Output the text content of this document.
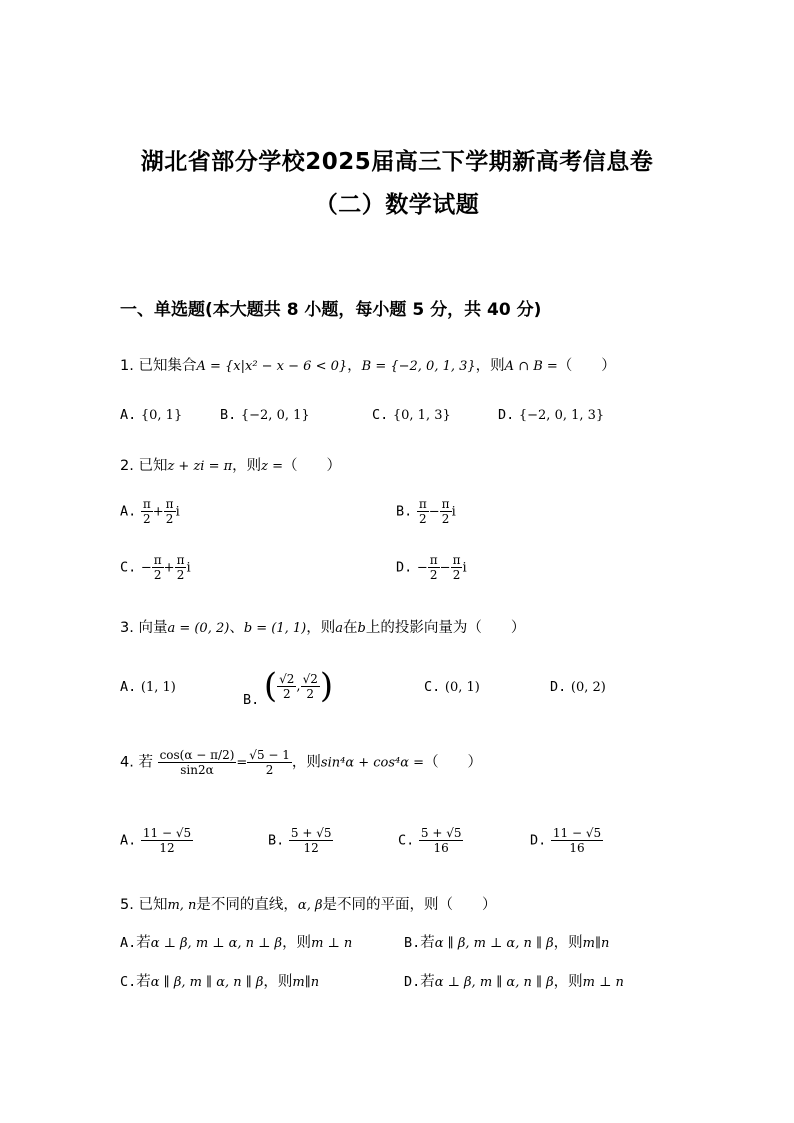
湖北省部分学校2025届高三下学期新高考信息卷
（二）数学试题
一、单选题(本大题共 8 小题，每小题 5 分，共 40 分)
1. 已知集合A = {x|x² − x − 6 < 0}，B = {−2, 0, 1, 3}，则A ∩ B =（　　）
A. {0, 1}	B. {−2, 0, 1}	C. {0, 1, 3}	D. {−2, 0, 1, 3}
2. 已知z + zi = π，则z =（　　）
A. $\frac{\pi}{2} + \frac{\pi}{2}$ i	B. $\frac{\pi}{2} - \frac{\pi}{2}$ i
C. − $\frac{\pi}{2} + \frac{\pi}{2}$ i	D. − $\frac{\pi}{2} - \frac{\pi}{2}$ i
3. 向量a = (0, 2)、b = (1, 1)，则a在b上的投影向量为（　　）
A. (1, 1)
B. ( $\frac{√2}{2}$ , $\frac{√2}{2}$ )	C. (0, 1)	D. (0, 2)
4. 若 $\frac{\cos(\alpha - \pi/2)}{\sin 2\alpha} = \frac{√5 - 1}{2}$ ，则sin⁴α + cos⁴α =（　　）
A. $\frac{11 - √5}{12}$	B. $\frac{5 + √5}{12}$	C. $\frac{5 + √5}{16}$	D. $\frac{11 - √5}{16}$
5. 已知m, n是不同的直线，α, β是不同的平面，则（　　）
A.若α ⊥ β, m ⊥ α, n ⊥ β，则m ⊥ n	B.若α ∥ β, m ⊥ α, n ∥ β，则m∥n
C.若α ∥ β, m ∥ α, n ∥ β，则m∥n	D.若α ⊥ β, m ∥ α, n ∥ β，则m ⊥ n
